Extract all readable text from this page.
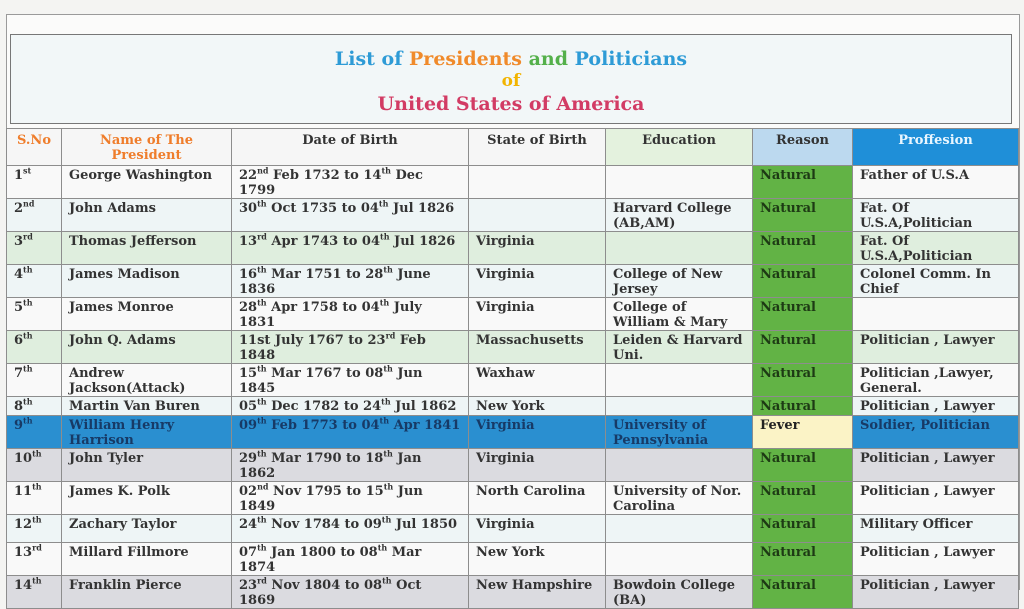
List of Presidents and Politicians
of
United States of America
S.No	Name of The President	Date of Birth	State of Birth	Education	Reason	Proffesion
1st	George Washington	22nd Feb 1732 to 14th Dec 1799			Natural	Father of U.S.A
2nd	John Adams	30th Oct 1735 to 04th Jul 1826		Harvard College (AB,AM)	Natural	Fat. Of U.S.A,Politician
3rd	Thomas Jefferson	13rd Apr 1743 to 04th Jul 1826	Virginia		Natural	Fat. Of U.S.A,Politician
4th	James Madison	16th Mar 1751 to 28th June 1836	Virginia	College of New Jersey	Natural	Colonel Comm. In Chief
5th	James Monroe	28th Apr 1758 to 04th July 1831	Virginia	College of William & Mary	Natural	
6th	John Q. Adams	11st July 1767 to 23rd Feb 1848	Massachusetts	Leiden & Harvard Uni.	Natural	Politician , Lawyer
7th	Andrew Jackson(Attack)	15th Mar 1767 to 08th Jun 1845	Waxhaw		Natural	Politician ,Lawyer, General.
8th	Martin Van Buren	05th Dec 1782 to 24th Jul 1862	New York		Natural	Politician , Lawyer
9th	William Henry Harrison	09th Feb 1773 to 04th Apr 1841	Virginia	University of Pennsylvania	Fever	Soldier, Politician
10th	John Tyler	29th Mar 1790 to 18th Jan 1862	Virginia		Natural	Politician , Lawyer
11th	James K. Polk	02nd Nov 1795 to 15th Jun 1849	North Carolina	University of Nor. Carolina	Natural	Politician , Lawyer
12th	Zachary Taylor	24th Nov 1784 to 09th Jul 1850	Virginia		Natural	Military Officer
13rd	Millard Fillmore	07th Jan 1800 to 08th Mar 1874	New York		Natural	Politician , Lawyer
14th	Franklin Pierce	23rd Nov 1804 to 08th Oct 1869	New Hampshire	Bowdoin College (BA)	Natural	Politician , Lawyer
